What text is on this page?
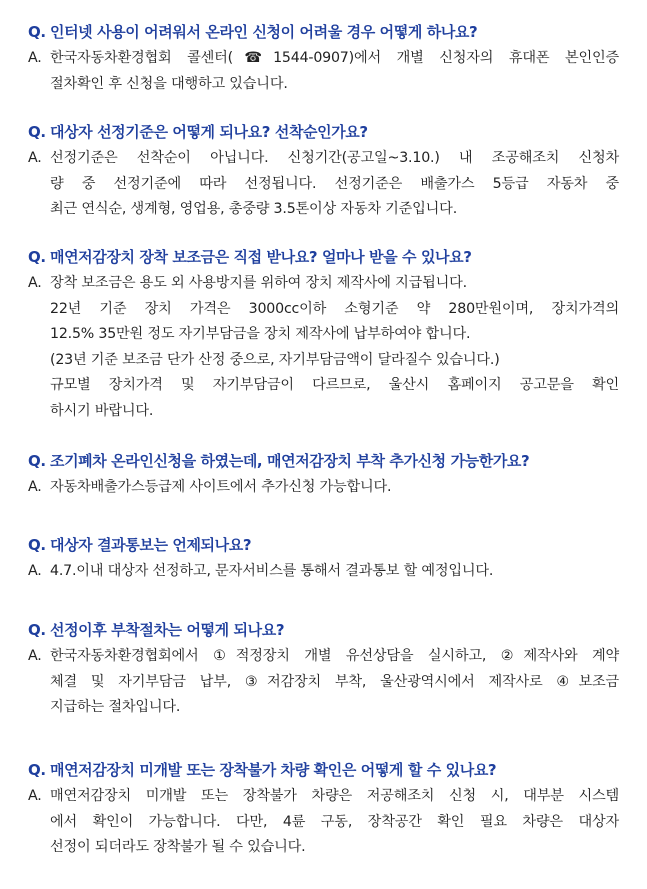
Q. 인터넷 사용이 어려워서 온라인 신청이 어려울 경우 어떻게 하나요?
A. 한국자동차환경협회 콜센터(☎1544-0907)에서 개별 신청자의 휴대폰 본인인증
절차확인 후 신청을 대행하고 있습니다.
Q. 대상자 선정기준은 어떻게 되나요? 선착순인가요?
A. 선정기준은 선착순이 아닙니다. 신청기간(공고일~3.10.) 내 조공해조치 신청차
량 중 선정기준에 따라 선정됩니다. 선정기준은 배출가스 5등급 자동차 중
최근 연식순, 생계형, 영업용, 총중량 3.5톤이상 자동차 기준입니다.
Q. 매연저감장치 장착 보조금은 직접 받나요? 얼마나 받을 수 있나요?
A. 장착 보조금은 용도 외 사용방지를 위하여 장치 제작사에 지급됩니다.
22년 기준 장치 가격은 3000cc이하 소형기준 약 280만원이며, 장치가격의
12.5% 35만원 정도 자기부담금을 장치 제작사에 납부하여야 합니다.
(23년 기준 보조금 단가 산정 중으로, 자기부담금액이 달라질수 있습니다.)
규모별 장치가격 및 자기부담금이 다르므로, 울산시 홈페이지 공고문을 확인
하시기 바랍니다.
Q. 조기폐차 온라인신청을 하였는데, 매연저감장치 부착 추가신청 가능한가요?
A. 자동차배출가스등급제 사이트에서 추가신청 가능합니다.
Q. 대상자 결과통보는 언제되나요?
A. 4.7.이내 대상자 선정하고, 문자서비스를 통해서 결과통보 할 예정입니다.
Q. 선정이후 부착절차는 어떻게 되나요?
A. 한국자동차환경협회에서 ①적정장치 개별 유선상담을 실시하고, ②제작사와 계약
체결 및 자기부담금 납부, ③저감장치 부착, 울산광역시에서 제작사로 ④보조금
지급하는 절차입니다.
Q. 매연저감장치 미개발 또는 장착불가 차량 확인은 어떻게 할 수 있나요?
A. 매연저감장치 미개발 또는 장착불가 차량은 저공해조치 신청 시, 대부분 시스템
에서 확인이 가능합니다. 다만, 4륜 구동, 장착공간 확인 필요 차량은 대상자
선정이 되더라도 장착불가 될 수 있습니다.
